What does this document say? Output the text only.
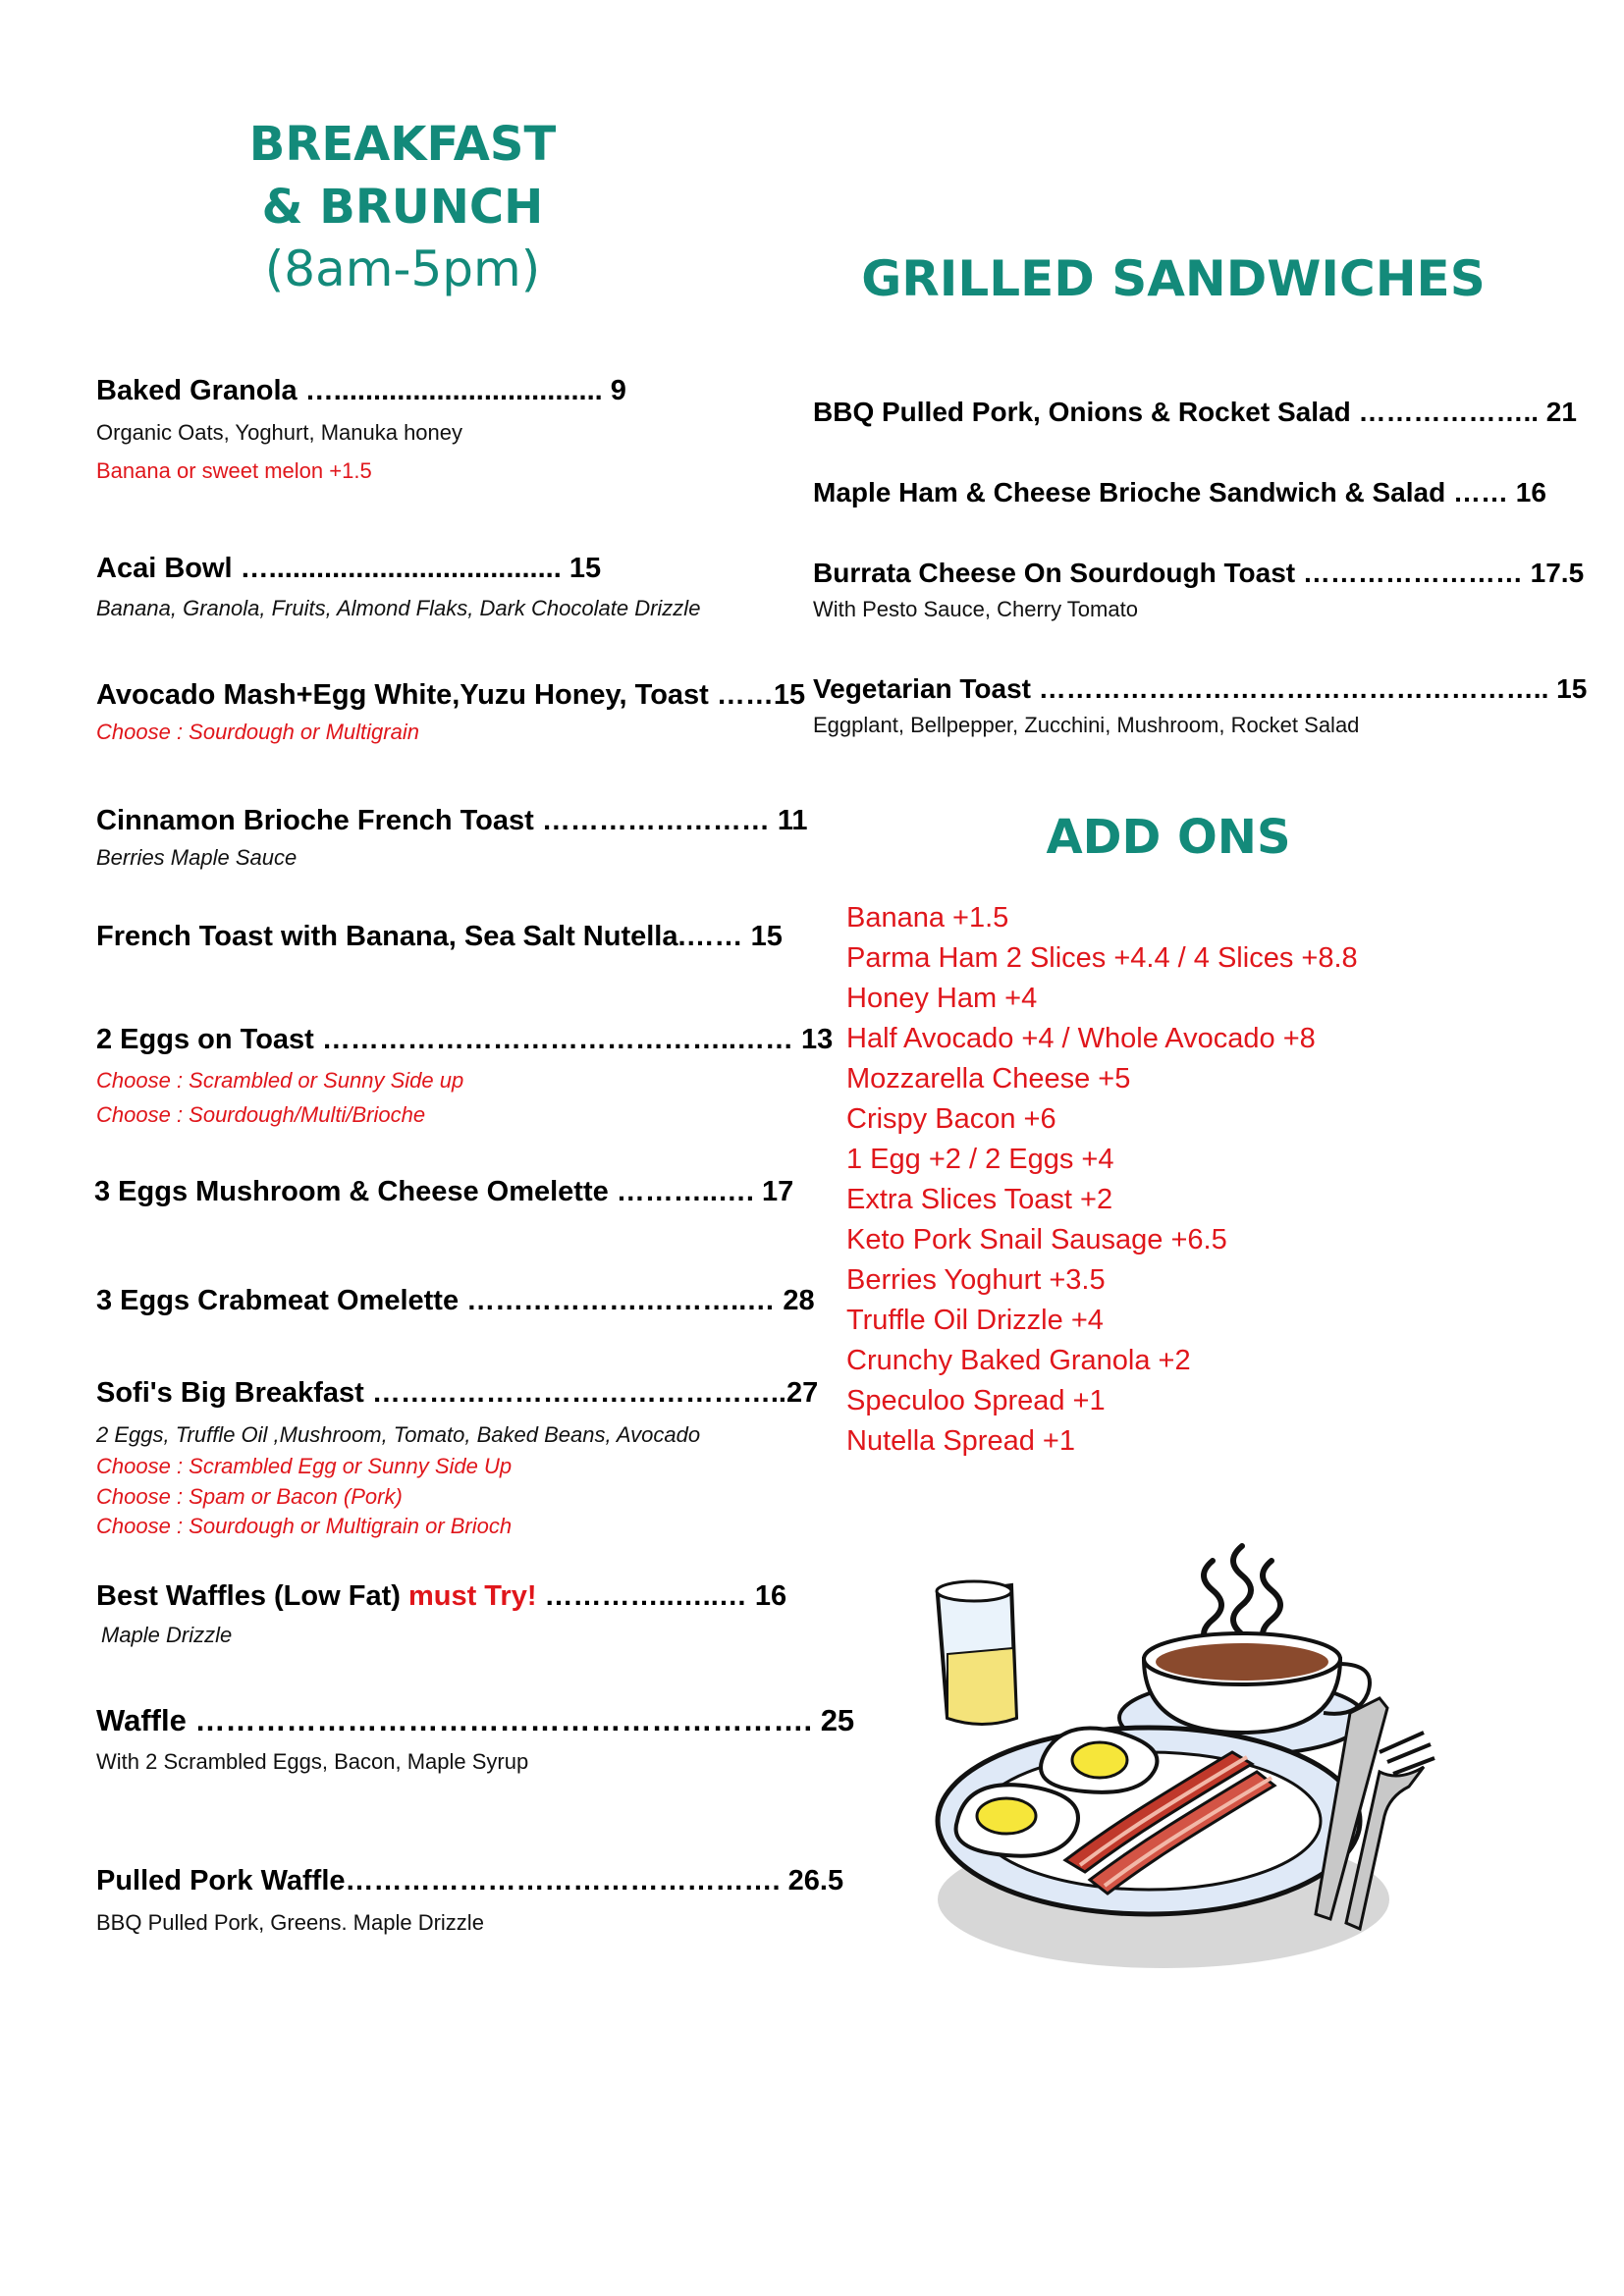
BREAKFAST
& BRUNCH
(8am-5pm)
Baked Granola ….................................. 9
Organic Oats, Yoghurt, Manuka honey
Banana or sweet melon +1.5
Acai Bowl …..................................... 15
Banana, Granola, Fruits, Almond Flaks, Dark Chocolate Drizzle
Avocado Mash+Egg White,Yuzu Honey, Toast ……15
Choose : Sourdough or Multigrain
Cinnamon Brioche French Toast …………………… 11
Berries Maple Sauce
French Toast with Banana, Sea Salt Nutella.…… 15
2 Eggs on Toast ……………………………………..…… 13
Choose : Scrambled or Sunny Side up
Choose : Sourdough/Multi/Brioche
3 Eggs Mushroom & Cheese Omelette ………..…. 17
3 Eggs Crabmeat Omelette ……………….………..… 28
Sofi's Big Breakfast ……………………………………..27
2 Eggs, Truffle Oil ,Mushroom, Tomato, Baked Beans, Avocado
Choose : Scrambled Egg or Sunny Side Up
Choose : Spam or Bacon (Pork)
Choose : Sourdough or Multigrain or Brioch
Best Waffles (Low Fat) must Try! …………..…..… 16
Maple Drizzle
Waffle ……………………………………………………. 25
With 2 Scrambled Eggs, Bacon, Maple Syrup
Pulled Pork Waffle………………………………………. 26.5
BBQ Pulled Pork, Greens. Maple Drizzle
GRILLED SANDWICHES
BBQ Pulled Pork, Onions & Rocket Salad ……………….. 21
Maple Ham & Cheese Brioche Sandwich & Salad …… 16
Burrata Cheese On Sourdough Toast …………………… 17.5
With Pesto Sauce, Cherry Tomato
Vegetarian Toast ……………………………………………….. 15
Eggplant, Bellpepper, Zucchini, Mushroom, Rocket Salad
ADD ONS
Banana +1.5
Parma Ham 2 Slices +4.4 / 4 Slices +8.8
Honey Ham +4
Half Avocado +4 / Whole Avocado +8
Mozzarella Cheese +5
Crispy Bacon +6
1 Egg +2 / 2 Eggs +4
Extra Slices Toast +2
Keto Pork Snail Sausage +6.5
Berries Yoghurt +3.5
Truffle Oil Drizzle +4
Crunchy Baked Granola +2
Speculoo Spread +1
Nutella Spread +1
